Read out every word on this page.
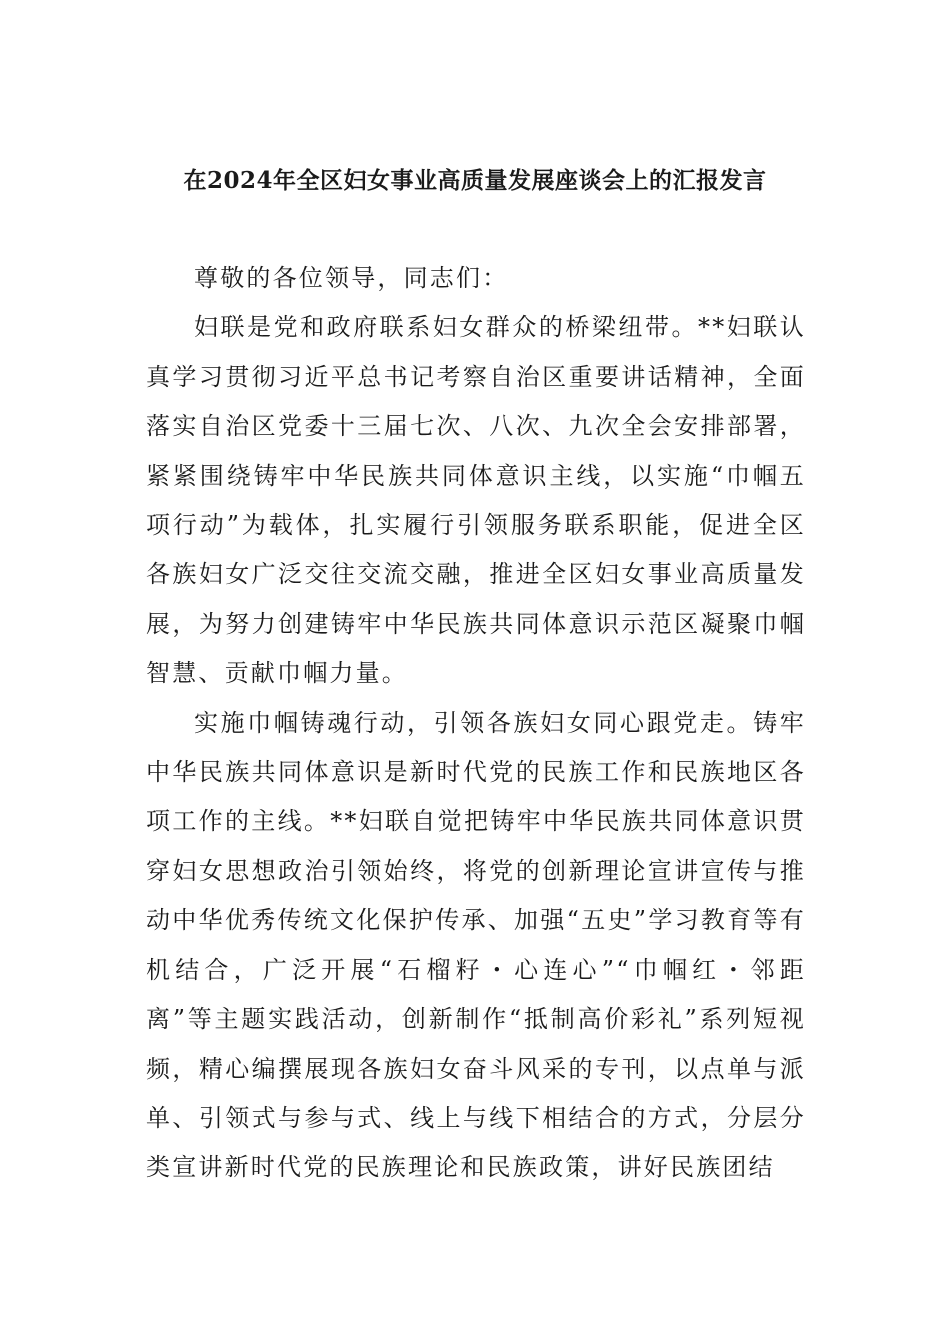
在2024年全区妇女事业高质量发展座谈会上的汇报发言

尊敬的各位领导，同志们：

妇联是党和政府联系妇女群众的桥梁纽带。**妇联认真学习贯彻习近平总书记考察自治区重要讲话精神，全面落实自治区党委十三届七次、八次、九次全会安排部署，紧紧围绕铸牢中华民族共同体意识主线，以实施“巾帼五项行动”为载体，扎实履行引领服务联系职能，促进全区各族妇女广泛交往交流交融，推进全区妇女事业高质量发展，为努力创建铸牢中华民族共同体意识示范区凝聚巾帼智慧、贡献巾帼力量。

实施巾帼铸魂行动，引领各族妇女同心跟党走。铸牢中华民族共同体意识是新时代党的民族工作和民族地区各项工作的主线。**妇联自觉把铸牢中华民族共同体意识贯穿妇女思想政治引领始终，将党的创新理论宣讲宣传与推动中华优秀传统文化保护传承、加强“五史”学习教育等有机结合，广泛开展“石榴籽・心连心”“巾帼红・邻距离”等主题实践活动，创新制作“抵制高价彩礼”系列短视频，精心编撰展现各族妇女奋斗风采的专刊，以点单与派单、引领式与参与式、线上与线下相结合的方式，分层分类宣讲新时代党的民族理论和民族政策，讲好民族团结
